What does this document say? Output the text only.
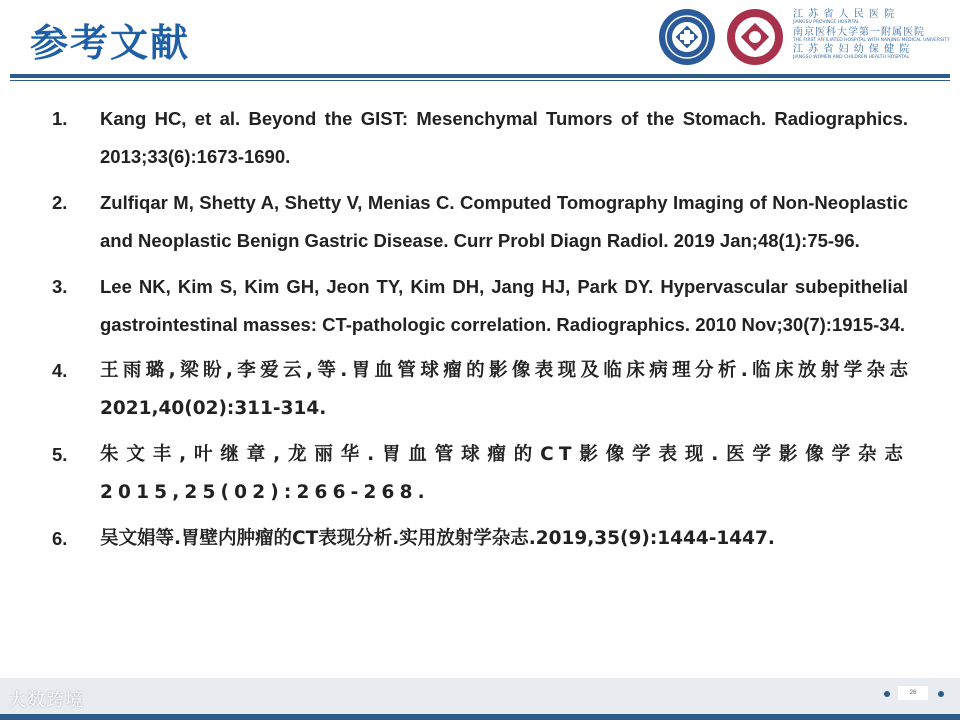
参考文献
江 苏 省 人 民 医 院
JIANGSU PROVINCE HOSPITAL
南京医科大学第一附属医院
THE FIRST AFFILIATED HOSPITAL WITH NANJING MEDICAL UNIVERSITY
江 苏 省 妇 幼 保 健 院
JIANGSU WOMEN AND CHILDREN HEALTH HOSPITAL
1.	Kang HC, et al. Beyond the GIST: Mesenchymal Tumors of the Stomach. Radiographics. 2013;33(6):1673-1690.
2.	Zulfiqar M, Shetty A, Shetty V, Menias C. Computed Tomography Imaging of Non-Neoplastic and Neoplastic Benign Gastric Disease. Curr Probl Diagn Radiol. 2019 Jan;48(1):75-96.
3.	Lee NK, Kim S, Kim GH, Jeon TY, Kim DH, Jang HJ, Park DY. Hypervascular subepithelial gastrointestinal masses: CT-pathologic correlation. Radiographics. 2010 Nov;30(7):1915-34.
4.	王雨璐,梁盼,李爱云,等.胃血管球瘤的影像表现及临床病理分析.临床放射学杂志 2021,40(02):311-314.
5.	朱文丰,叶继章,龙丽华.胃血管球瘤的CT影像学表现.医学影像学杂志 2015,25(02):266-268.
6.	吴文娟等.胃壁内肿瘤的CT表现分析.实用放射学杂志.2019,35(9):1444-1447.
大数跨境	26
